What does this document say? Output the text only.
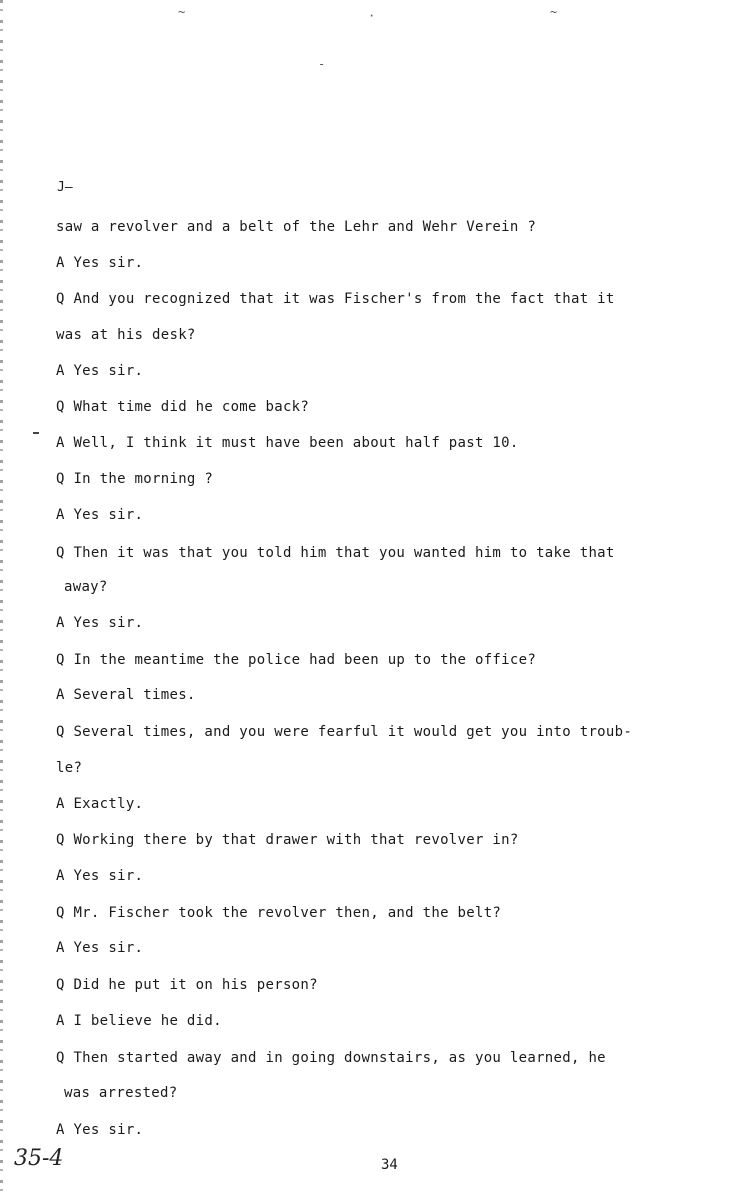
~	·	~
-
J—
saw a revolver and a belt of the Lehr and Wehr Verein ?
A Yes sir.
Q And you recognized that it was Fischer's from the fact that it
was at his desk?
A Yes sir.
Q What time did he come back?
A Well, I think it must have been about half past 10.
Q In the morning ?
A Yes sir.
Q Then it was that you told him that you wanted him to take that
away?
A Yes sir.
Q In the meantime the police had been up to the office?
A Several times.
Q Several times, and you were fearful it would get you into troub-
le?
A Exactly.
Q Working there by that drawer with that revolver in?
A Yes sir.
Q Mr. Fischer took the revolver then, and the belt?
A Yes sir.
Q Did he put it on his person?
A I believe he did.
Q Then started away and in going downstairs, as you learned, he
was arrested?
A Yes sir.
35-4	34
